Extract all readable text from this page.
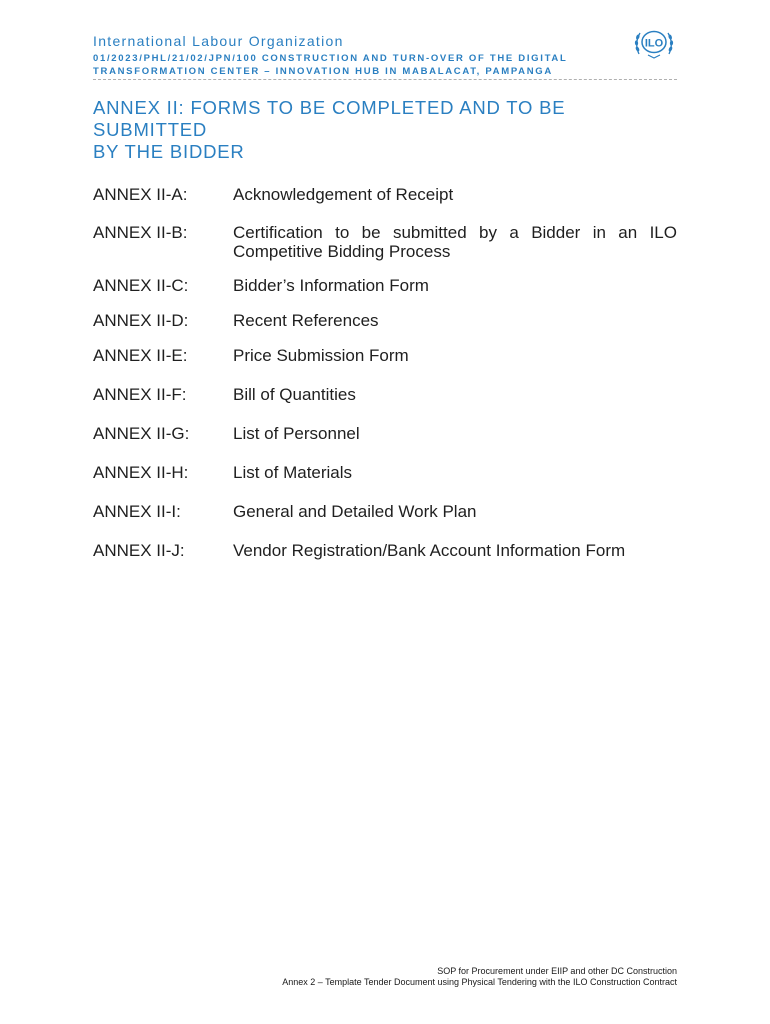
International Labour Organization
01/2023/PHL/21/02/JPN/100 CONSTRUCTION AND TURN-OVER OF THE DIGITAL
TRANSFORMATION CENTER – INNOVATION HUB IN MABALACAT, PAMPANGA
ILO
ANNEX II: FORMS TO BE COMPLETED AND TO BE SUBMITTED
BY THE BIDDER
ANNEX II-A:	Acknowledgement of Receipt
ANNEX II-B:	Certification to be submitted by a Bidder in an ILO Competitive Bidding Process
ANNEX II-C:	Bidder’s Information Form
ANNEX II-D:	Recent References
ANNEX II-E:	Price Submission Form
ANNEX II-F:	Bill of Quantities
ANNEX II-G:	List of Personnel
ANNEX II-H:	List of Materials
ANNEX II-I:	General and Detailed Work Plan
ANNEX II-J:	Vendor Registration/Bank Account Information Form
SOP for Procurement under EIIP and other DC Construction
Annex 2 – Template Tender Document using Physical Tendering with the ILO Construction Contract
